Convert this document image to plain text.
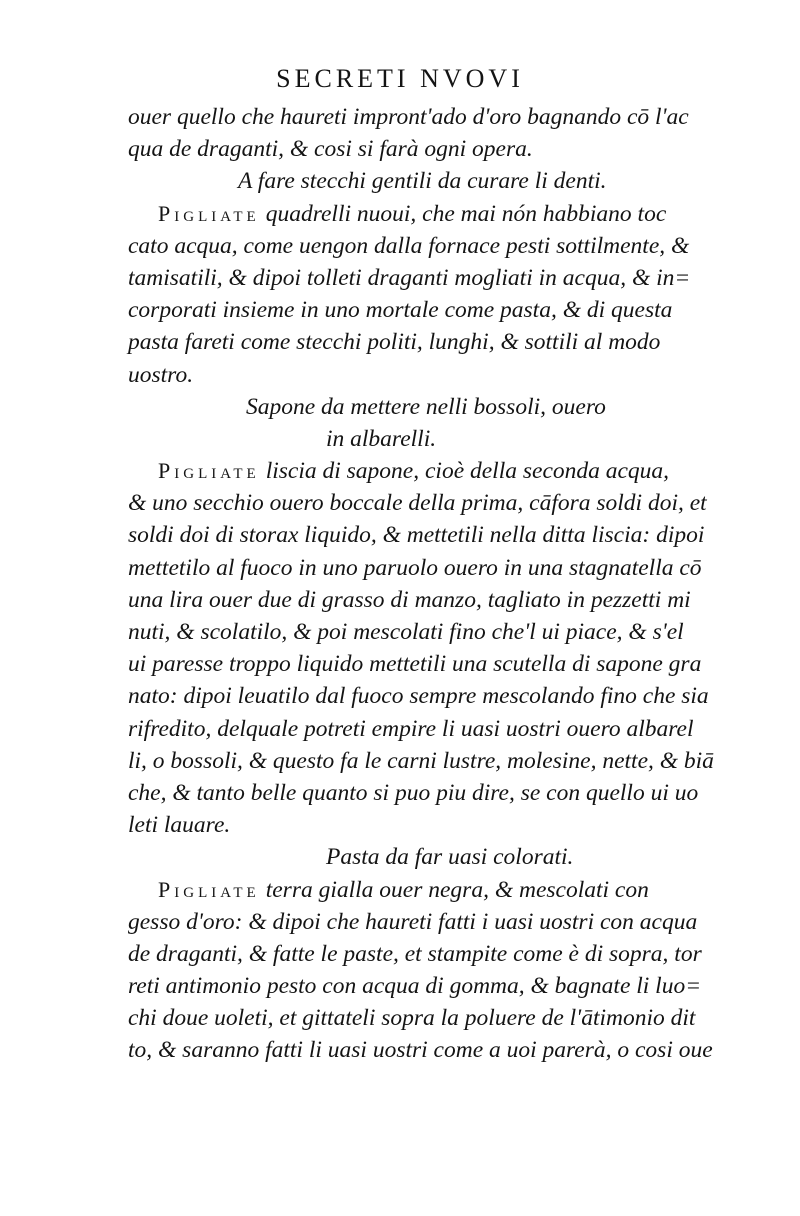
SECRETI NVOVI
ouer quello che haureti impront'ado d'oro bagnando cō l'ac
qua de draganti, & cosi si farà ogni opera.
A fare stecchi gentili da curare li denti.
Pigliate quadrelli nuoui, che mai nón habbiano toc
cato acqua, come uengon dalla fornace pesti sottilmente, &
tamisatili, & dipoi tolleti draganti mogliati in acqua, & in=
corporati insieme in uno mortale come pasta, & di questa
pasta fareti come stecchi politi, lunghi, & sottili al modo
uostro.
Sapone da mettere nelli bossoli, ouero
in albarelli.
Pigliate liscia di sapone, cioè della seconda acqua,
& uno secchio ouero boccale della prima, cāfora soldi doi, et
soldi doi di storax liquido, & mettetili nella ditta liscia: dipoi
mettetilo al fuoco in uno paruolo ouero in una stagnatella cō
una lira ouer due di grasso di manzo, tagliato in pezzetti mi
nuti, & scolatilo, & poi mescolati fino che'l ui piace, & s'el
ui paresse troppo liquido mettetili una scutella di sapone gra
nato: dipoi leuatilo dal fuoco sempre mescolando fino che sia
rifredito, delquale potreti empire li uasi uostri ouero albarel
li, o bossoli, & questo fa le carni lustre, molesine, nette, & biā
che, & tanto belle quanto si puo piu dire, se con quello ui uo
leti lauare.
Pasta da far uasi colorati.
Pigliate terra gialla ouer negra, & mescolati con
gesso d'oro: & dipoi che haureti fatti i uasi uostri con acqua
de draganti, & fatte le paste, et stampite come è di sopra, tor
reti antimonio pesto con acqua di gomma, & bagnate li luo=
chi doue uoleti, et gittateli sopra la poluere de l'ātimonio dit
to, & saranno fatti li uasi uostri come a uoi parerà, o cosi oue
